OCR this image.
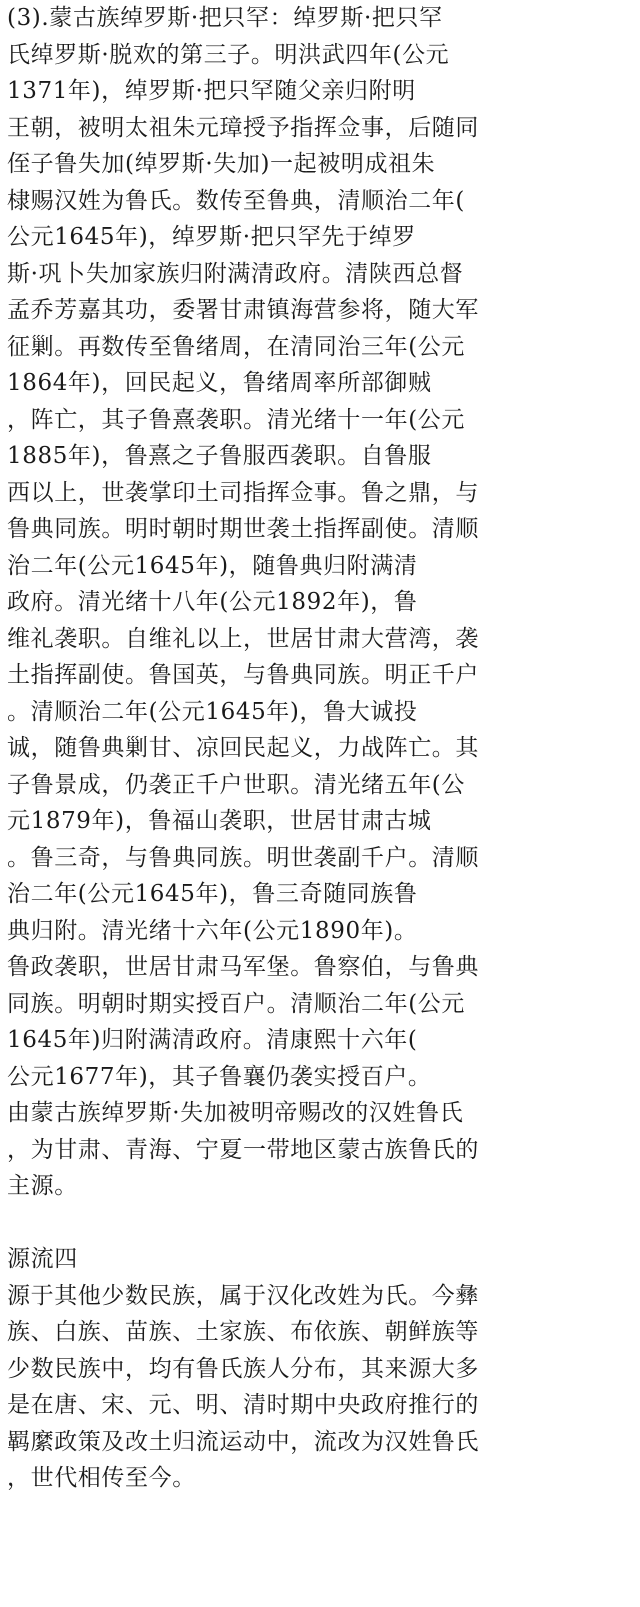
(3).蒙古族绰罗斯·把只罕：绰罗斯·把只罕
氏绰罗斯·脱欢的第三子。明洪武四年(公元
1371年)，绰罗斯·把只罕随父亲归附明
王朝，被明太祖朱元璋授予指挥佥事，后随同
侄子鲁失加(绰罗斯·失加)一起被明成祖朱
棣赐汉姓为鲁氏。数传至鲁典，清顺治二年(
公元1645年)，绰罗斯·把只罕先于绰罗
斯·巩卜失加家族归附满清政府。清陕西总督
孟乔芳嘉其功，委署甘肃镇海营参将，随大军
征剿。再数传至鲁绪周，在清同治三年(公元
1864年)，回民起义，鲁绪周率所部御贼
，阵亡，其子鲁熹袭职。清光绪十一年(公元
1885年)，鲁熹之子鲁服西袭职。自鲁服
西以上，世袭掌印土司指挥佥事。鲁之鼎，与
鲁典同族。明时朝时期世袭土指挥副使。清顺
治二年(公元1645年)，随鲁典归附满清
政府。清光绪十八年(公元1892年)，鲁
维礼袭职。自维礼以上，世居甘肃大营湾，袭
土指挥副使。鲁国英，与鲁典同族。明正千户
。清顺治二年(公元1645年)，鲁大诚投
诚，随鲁典剿甘、凉回民起义，力战阵亡。其
子鲁景成，仍袭正千户世职。清光绪五年(公
元1879年)，鲁福山袭职，世居甘肃古城
。鲁三奇，与鲁典同族。明世袭副千户。清顺
治二年(公元1645年)，鲁三奇随同族鲁
典归附。清光绪十六年(公元1890年)。
鲁政袭职，世居甘肃马军堡。鲁察伯，与鲁典
同族。明朝时期实授百户。清顺治二年(公元
1645年)归附满清政府。清康熙十六年(
公元1677年)，其子鲁襄仍袭实授百户。
由蒙古族绰罗斯·失加被明帝赐改的汉姓鲁氏
，为甘肃、青海、宁夏一带地区蒙古族鲁氏的
主源。
源流四
源于其他少数民族，属于汉化改姓为氏。今彝
族、白族、苗族、土家族、布依族、朝鲜族等
少数民族中，均有鲁氏族人分布，其来源大多
是在唐、宋、元、明、清时期中央政府推行的
羁縻政策及改土归流运动中，流改为汉姓鲁氏
，世代相传至今。
